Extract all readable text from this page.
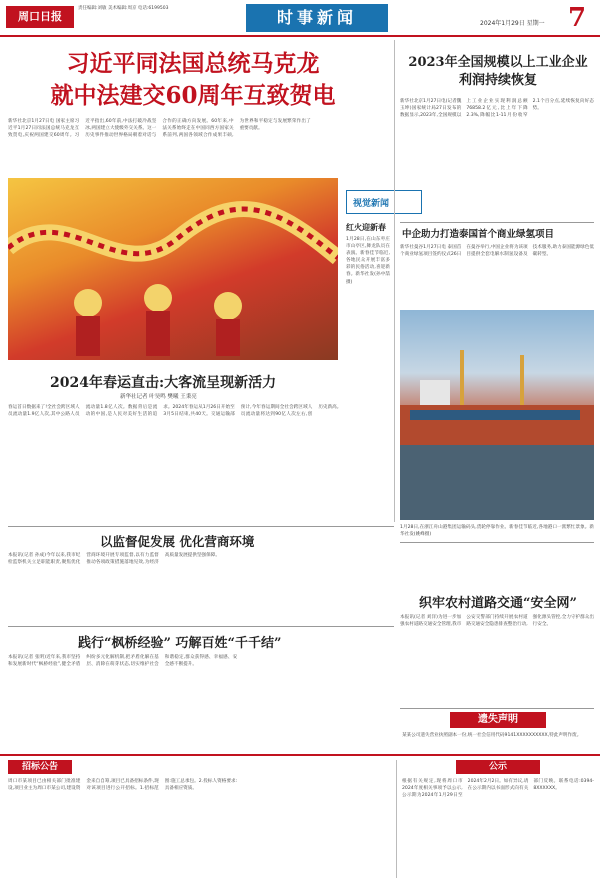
周口日报
责任编辑:刘敏 美术编辑:周京 电话:6199503	时事新闻	2024年1月29日 星期一 7
习近平同法国总统马克龙
就中法建交60周年互致贺电
新华社北京1月27日电 国家主席习近平1月27日同法国总统马克龙互致贺电,庆祝两国建交60周年。习近平指出,60年前,中法打破冷战坚冰,两国建立大使级外交关系。这一历史事件推动世界格局朝着对话与合作的正确方向发展。60年来,中法关系始终走在中国同西方国家关系前列,两国各领域合作成果丰硕,为世界和平稳定与发展繁荣作出了重要贡献。
视觉新闻
红火迎新春
1月28日,在山东枣庄市山亭区,舞龙队员在表演。新春佳节临近,各地民众开展丰富多彩的民俗活动,喜迎新春。新华社发(孙中喆摄)
2024年春运直击:大客流呈现新活力
新华社记者 叶昊鸣 樊曦 王秉亮
春运首日数据来了!全社会跨区域人员流动量1.9亿人次,其中公路人员流动量1.8亿人次。数据背后是流动的中国,是人民对美好生活的追求。2024年春运从1月26日开始至3月5日结束,共40天。交通运输部预计,今年春运期间全社会跨区域人员流动量将达到90亿人次左右,创历史新高。
2023年全国规模以上工业企业利润持续恢复
新华社北京1月27日电(记者魏玉坤)国家统计局27日发布的数据显示,2023年,全国规模以上工业企业实现利润总额76858.2亿元,比上年下降2.3%,降幅比1-11月份收窄2.1个百分点,延续恢复向好态势。
中企助力打造泰国首个商业绿氢项目
新华社曼谷1月27日电 泰国首个商业绿氢项目签约仪式26日在曼谷举行,中国企业将为该项目提供全套电解水制氢设备及技术服务,助力泰国能源绿色低碳转型。
1月28日,在浙江舟山港集团运输码头,货轮停靠作业。新春佳节临近,各地港口一派繁忙景象。新华社发(姚峰摄)
以监督促发展 优化营商环境
本报讯(记者 孙成)今年以来,我市纪检监察机关立足职能职责,聚焦优化营商环境开展专项监督,以有力监督推动各项政策措施落地见效,为经济高质量发展提供坚强保障。
织牢农村道路交通“安全网”
本报讯(记者 刘洋)为进一步加强农村道路交通安全管理,我市公安交警部门持续开展农村道路交通安全隐患排查整治行动,强化源头管控,全力守护群众出行安全。
践行“枫桥经验” 巧解百姓“千千结”
本报讯(记者 张明)近年来,我市坚持和发展新时代“枫桥经验”,健全矛盾纠纷多元化解机制,把矛盾化解在基层、消除在萌芽状态,切实维护社会和谐稳定,群众获得感、幸福感、安全感不断提升。
遗失声明
某某公司遗失营业执照副本一份,统一社会信用代码9141XXXXXXXXXX,特此声明作废。
招标公告
周口市某项目已由相关部门批准建设,项目业主为周口市某公司,建设资金来自自筹,项目已具备招标条件,现对该项目进行公开招标。1.招标范围:施工总承包。2.投标人资格要求:具备相应资质。
公示
根据有关规定,现将周口市2024年度相关事项予以公示,公示期为2024年1月29日至2024年2月2日。如有异议,请在公示期内以书面形式向有关部门反映。联系电话:0394-8XXXXXX。
